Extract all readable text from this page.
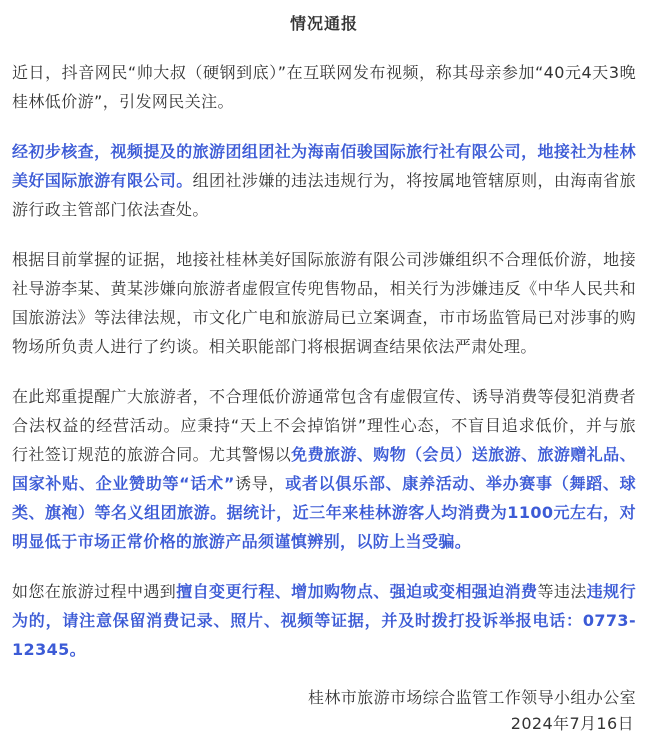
情况通报

近日，抖音网民“帅大叔（硬钢到底）”在互联网发布视频，称其母亲参加“40元4天3晚桂林低价游”，引发网民关注。

经初步核查，视频提及的旅游团组团社为海南佰骏国际旅行社有限公司，地接社为桂林美好国际旅游有限公司。组团社涉嫌的违法违规行为，将按属地管辖原则，由海南省旅游行政主管部门依法查处。

根据目前掌握的证据，地接社桂林美好国际旅游有限公司涉嫌组织不合理低价游，地接社导游李某、黄某涉嫌向旅游者虚假宣传兜售物品，相关行为涉嫌违反《中华人民共和国旅游法》等法律法规，市文化广电和旅游局已立案调查，市市场监管局已对涉事的购物场所负责人进行了约谈。相关职能部门将根据调查结果依法严肃处理。

在此郑重提醒广大旅游者，不合理低价游通常包含有虚假宣传、诱导消费等侵犯消费者合法权益的经营活动。应秉持“天上不会掉馅饼”理性心态，不盲目追求低价，并与旅行社签订规范的旅游合同。尤其警惕以免费旅游、购物（会员）送旅游、旅游赠礼品、国家补贴、企业赞助等“话术”诱导，或者以俱乐部、康养活动、举办赛事（舞蹈、球类、旗袍）等名义组团旅游。据统计，近三年来桂林游客人均消费为1100元左右，对明显低于市场正常价格的旅游产品须谨慎辨别，以防上当受骗。

如您在旅游过程中遇到擅自变更行程、增加购物点、强迫或变相强迫消费等违法违规行为的，请注意保留消费记录、照片、视频等证据，并及时拨打投诉举报电话：0773-12345。

桂林市旅游市场综合监管工作领导小组办公室
2024年7月16日
